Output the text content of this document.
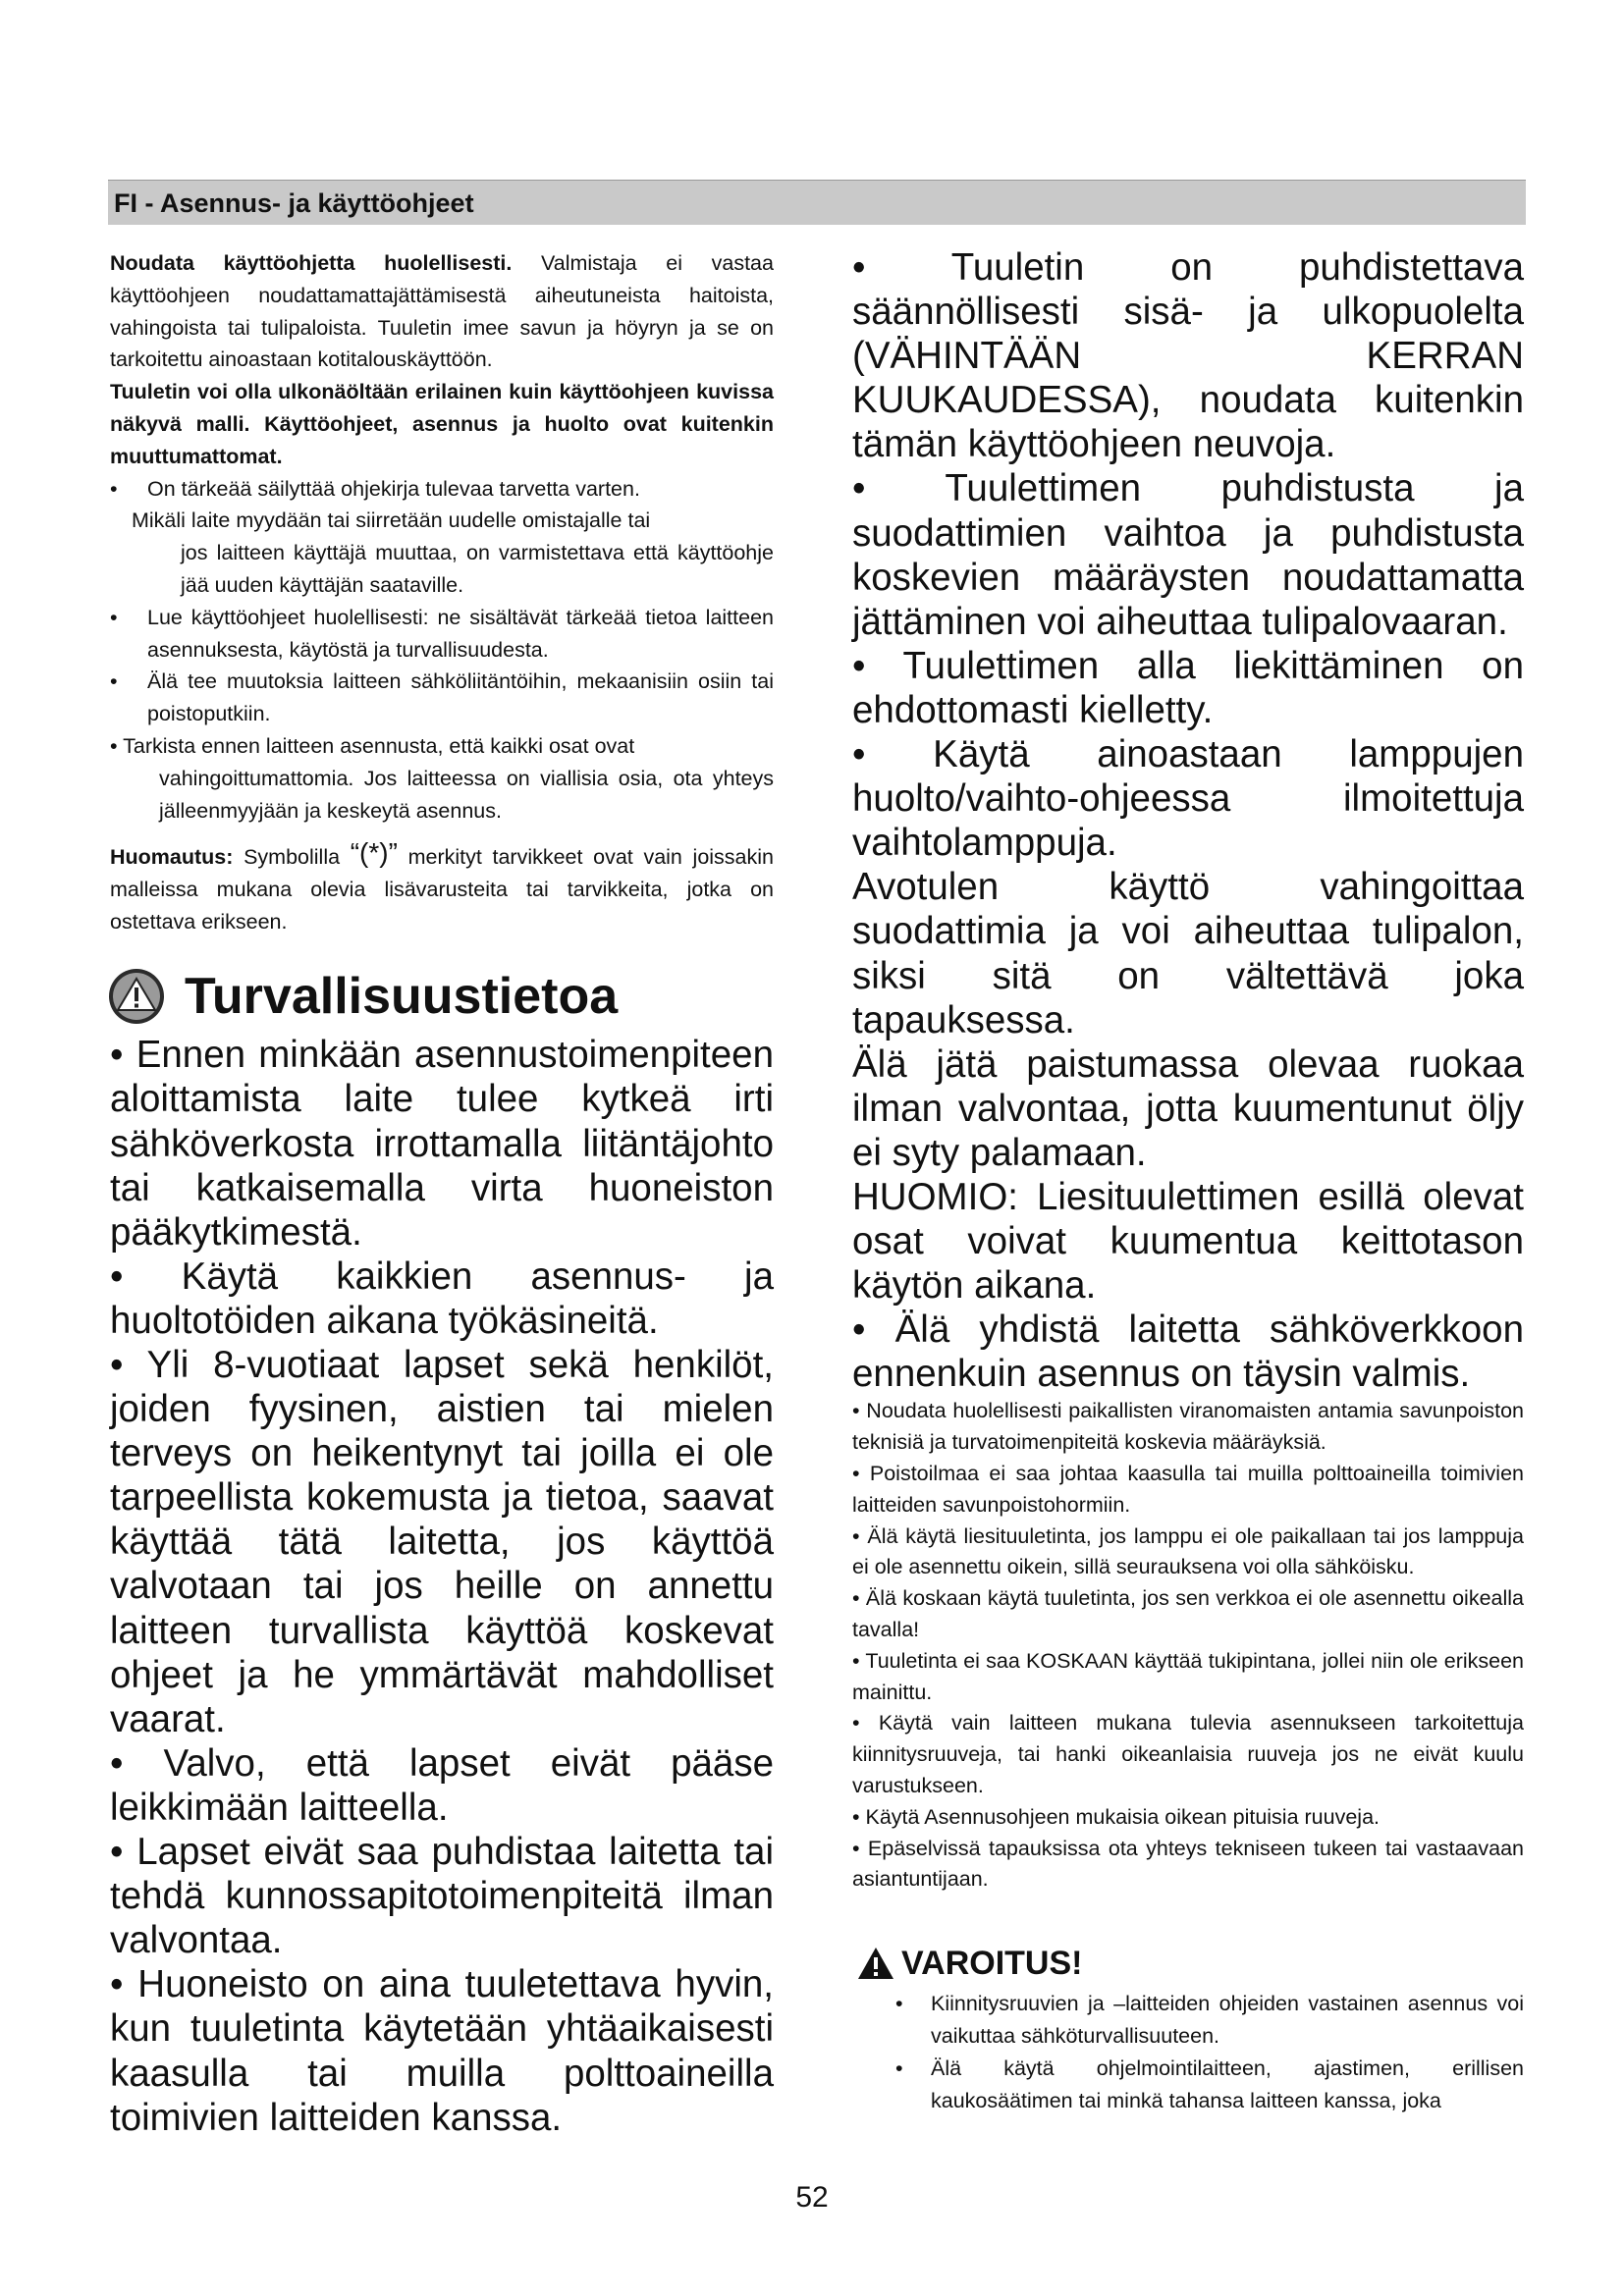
FI - Asennus- ja käyttöohjeet

Noudata käyttöohjetta huolellisesti. Valmistaja ei vastaa käyttöohjeen noudattamattajättämisestä aiheutuneista haitoista, vahingoista tai tulipaloista. Tuuletin imee savun ja höyryn ja se on tarkoitettu ainoastaan kotitalouskäyttöön.

Tuuletin voi olla ulkonäöltään erilainen kuin käyttöohjeen kuvissa näkyvä malli. Käyttöohjeet, asennus ja huolto ovat kuitenkin muuttumattomat.

•	On tärkeää säilyttää ohjekirja tulevaa tarvetta varten.

Mikäli laite myydään tai siirretään uudelle omistajalle tai
jos laitteen käyttäjä muuttaa, on varmistettava että käyttöohje jää uuden käyttäjän saataville.

•	Lue käyttöohjeet huolellisesti: ne sisältävät tärkeää tietoa laitteen asennuksesta, käytöstä ja turvallisuudesta.
•	Älä tee muutoksia laitteen sähköliitäntöihin, mekaanisiin osiin tai poistoputkiin.

• Tarkista ennen laitteen asennusta, että kaikki osat ovat
vahingoittumattomia. Jos laitteessa on viallisia osia, ota yhteys jälleenmyyjään ja keskeytä asennus.

Huomautus: Symbolilla “(*)” merkityt tarvikkeet ovat vain joissakin malleissa mukana olevia lisävarusteita tai tarvikkeita, jotka on ostettava erikseen.

Turvallisuustietoa

• Ennen minkään asennustoimenpiteen aloittamista laite tulee kytkeä irti sähköverkosta irrottamalla liitäntäjohto tai katkaisemalla virta huoneiston pääkytkimestä.

• Käytä kaikkien asennus- ja huoltotöiden aikana työkäsineitä.

• Yli 8-vuotiaat lapset sekä henkilöt, joiden fyysinen, aistien tai mielen terveys on heikentynyt tai joilla ei ole tarpeellista kokemusta ja tietoa, saavat käyttää tätä laitetta, jos käyttöä valvotaan tai jos heille on annettu laitteen turvallista käyttöä koskevat ohjeet ja he ymmärtävät mahdolliset vaarat.

• Valvo, että lapset eivät pääse leikkimään laitteella.

• Lapset eivät saa puhdistaa laitetta tai tehdä kunnossapitotoimenpiteitä ilman valvontaa.

• Huoneisto on aina tuuletettava hyvin, kun tuuletinta käytetään yhtäaikaisesti kaasulla tai muilla polttoaineilla toimivien laitteiden kanssa.

• Tuuletin on puhdistettava säännöllisesti sisä- ja ulkopuolelta (VÄHINTÄÄN KERRAN KUUKAUDESSA), noudata kuitenkin tämän käyttöohjeen neuvoja.

• Tuulettimen puhdistusta ja suodattimien vaihtoa ja puhdistusta koskevien määräysten noudattamatta jättäminen voi aiheuttaa tulipalovaaran.

• Tuulettimen alla liekittäminen on ehdottomasti kielletty.

• Käytä ainoastaan lamppujen huolto/vaihto-ohjeessa ilmoitettuja vaihtolamppuja.

Avotulen käyttö vahingoittaa suodattimia ja voi aiheuttaa tulipalon, siksi sitä on vältettävä joka tapauksessa.

Älä jätä paistumassa olevaa ruokaa ilman valvontaa, jotta kuumentunut öljy ei syty palamaan.

HUOMIO: Liesituulettimen esillä olevat osat voivat kuumentua keittotason käytön aikana.

• Älä yhdistä laitetta sähköverkkoon ennenkuin asennus on täysin valmis.

• Noudata huolellisesti paikallisten viranomaisten antamia savunpoiston teknisiä ja turvatoimenpiteitä koskevia määräyksiä.

• Poistoilmaa ei saa johtaa kaasulla tai muilla polttoaineilla toimivien laitteiden savunpoistohormiin.

• Älä käytä liesituuletinta, jos lamppu ei ole paikallaan tai jos lamppuja ei ole asennettu oikein, sillä seurauksena voi olla sähköisku.

• Älä koskaan käytä tuuletinta, jos sen verkkoa ei ole asennettu oikealla tavalla!

• Tuuletinta ei saa KOSKAAN käyttää tukipintana, jollei niin ole erikseen mainittu.

• Käytä vain laitteen mukana tulevia asennukseen tarkoitettuja kiinnitysruuveja, tai hanki oikeanlaisia ruuveja jos ne eivät kuulu varustukseen.

• Käytä Asennusohjeen mukaisia oikean pituisia ruuveja.

• Epäselvissä tapauksissa ota yhteys tekniseen tukeen tai vastaavaan asiantuntijaan.

VAROITUS!
•	Kiinnitysruuvien ja –laitteiden ohjeiden vastainen asennus voi vaikuttaa sähköturvallisuuteen.
•	Älä käytä ohjelmointilaitteen, ajastimen, erillisen kaukosäätimen tai minkä tahansa laitteen kanssa, joka
52
